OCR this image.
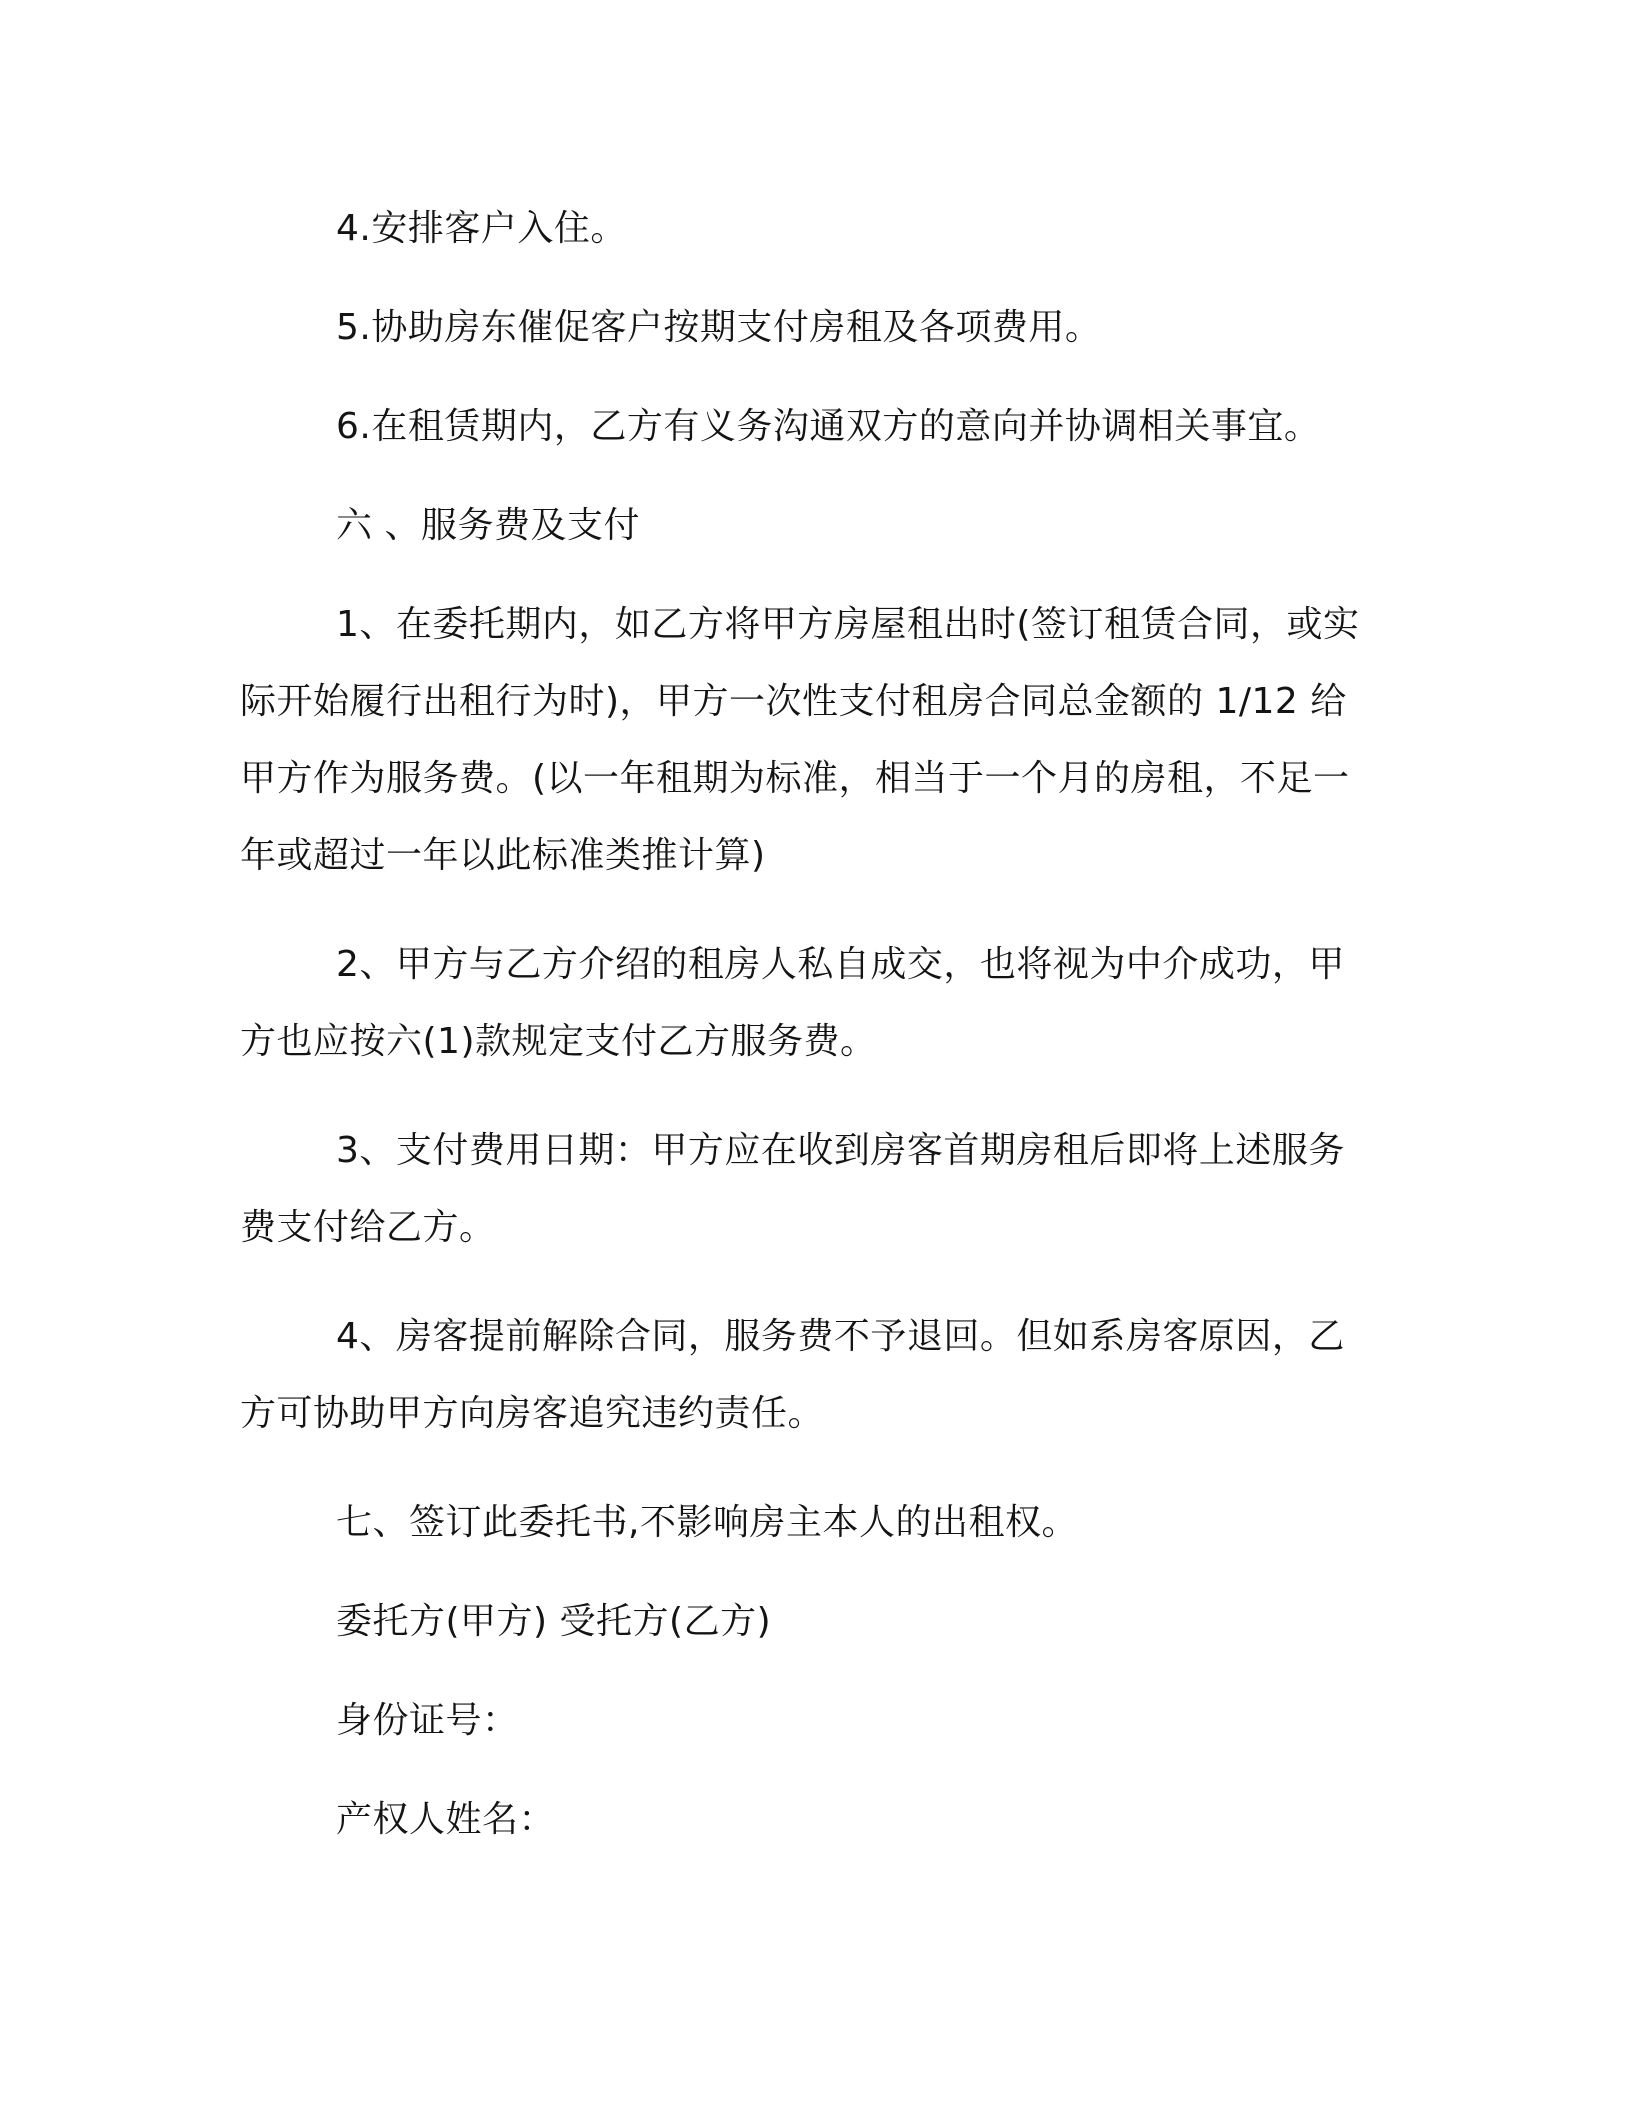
4.安排客户入住。

5.协助房东催促客户按期支付房租及各项费用。

6.在租赁期内，乙方有义务沟通双方的意向并协调相关事宜。

六 、服务费及支付

1、在委托期内，如乙方将甲方房屋租出时(签订租赁合同，或实际开始履行出租行为时)，甲方一次性支付租房合同总金额的 1/12 给甲方作为服务费。(以一年租期为标准，相当于一个月的房租，不足一年或超过一年以此标准类推计算)

2、甲方与乙方介绍的租房人私自成交，也将视为中介成功，甲方也应按六(1)款规定支付乙方服务费。

3、支付费用日期：甲方应在收到房客首期房租后即将上述服务费支付给乙方。

4、房客提前解除合同，服务费不予退回。但如系房客原因，乙方可协助甲方向房客追究违约责任。

七、签订此委托书,不影响房主本人的出租权。

委托方(甲方) 受托方(乙方)

身份证号：

产权人姓名：
